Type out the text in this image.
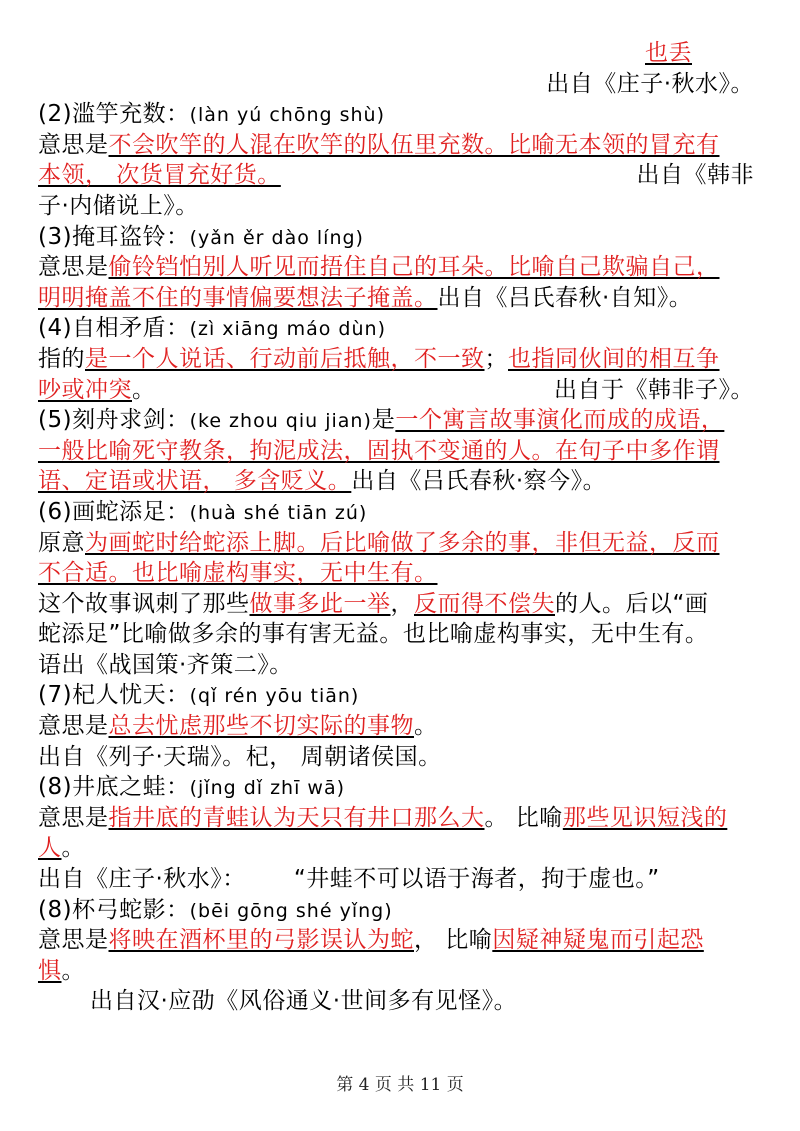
也丢
出自《庄子·秋水》。
(2)滥竽充数：(làn yú chōng shù)
意思是不会吹竽的人混在吹竽的队伍里充数。比喻无本领的冒充有
本领， 次货冒充好货。	出自《韩非
子·内储说上》。
(3)掩耳盗铃：(yǎn ěr dào líng)
意思是偷铃铛怕别人听见而捂住自己的耳朵。比喻自己欺骗自己，
明明掩盖不住的事情偏要想法子掩盖。出自《吕氏春秋·自知》。
(4)自相矛盾：(zì xiāng máo dùn)
指的是一个人说话、行动前后抵触，不一致；也指同伙间的相互争
吵或冲突。	出自于《韩非子》。
(5)刻舟求剑：(ke zhou qiu jian)是一个寓言故事演化而成的成语，
一般比喻死守教条，拘泥成法，固执不变通的人。在句子中多作谓
语、定语或状语， 多含贬义。出自《吕氏春秋·察今》。
(6)画蛇添足：(huà shé tiān zú)
原意为画蛇时给蛇添上脚。后比喻做了多余的事，非但无益，反而
不合适。也比喻虚构事实，无中生有。
这个故事讽刺了那些做事多此一举，反而得不偿失的人。后以“画
蛇添足”比喻做多余的事有害无益。也比喻虚构事实，无中生有。
语出《战国策·齐策二》。
(7)杞人忧天：(qǐ rén yōu tiān)
意思是总去忧虑那些不切实际的事物。
出自《列子·天瑞》。杞， 周朝诸侯国。
(8)井底之蛙：(jǐng dǐ zhī wā)
意思是指井底的青蛙认为天只有井口那么大。 比喻那些见识短浅的
人。
出自《庄子·秋水》： “井蛙不可以语于海者，拘于虚也。”
(8)杯弓蛇影：(bēi gōng shé yǐng)
意思是将映在酒杯里的弓影误认为蛇， 比喻因疑神疑鬼而引起恐
惧。
出自汉·应劭《风俗通义·世间多有见怪》。
第 4 页 共 11 页
